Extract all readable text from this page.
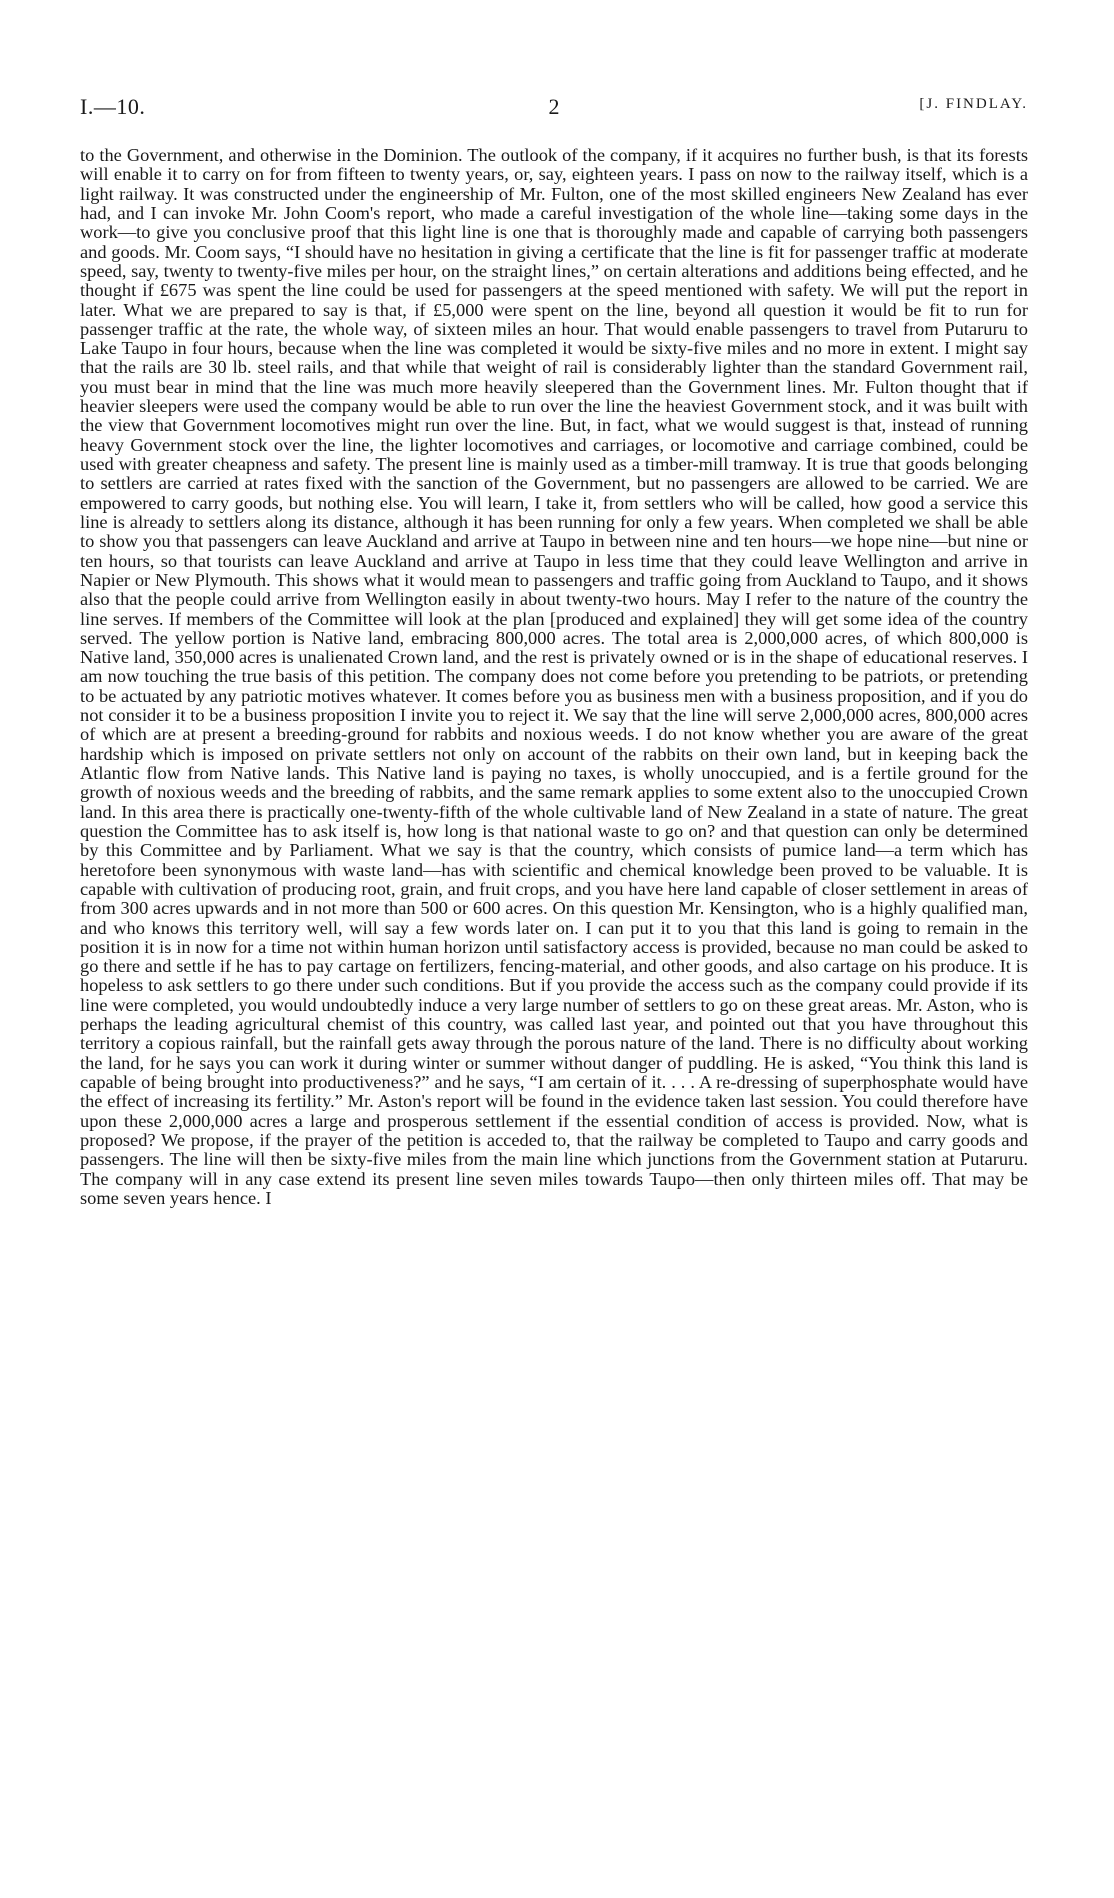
I.—10.	2	[J. FINDLAY.

to the Government, and otherwise in the Dominion. The outlook of the company, if it acquires no further bush, is that its forests will enable it to carry on for from fifteen to twenty years, or, say, eighteen years. I pass on now to the railway itself, which is a light railway. It was constructed under the engineership of Mr. Fulton, one of the most skilled engineers New Zealand has ever had, and I can invoke Mr. John Coom's report, who made a careful investigation of the whole line—taking some days in the work—to give you conclusive proof that this light line is one that is thoroughly made and capable of carrying both passengers and goods. Mr. Coom says, “I should have no hesitation in giving a certificate that the line is fit for passenger traffic at moderate speed, say, twenty to twenty-five miles per hour, on the straight lines,” on certain alterations and additions being effected, and he thought if £675 was spent the line could be used for passengers at the speed mentioned with safety. We will put the report in later. What we are prepared to say is that, if £5,000 were spent on the line, beyond all question it would be fit to run for passenger traffic at the rate, the whole way, of sixteen miles an hour. That would enable passengers to travel from Putaruru to Lake Taupo in four hours, because when the line was completed it would be sixty-five miles and no more in extent. I might say that the rails are 30 lb. steel rails, and that while that weight of rail is considerably lighter than the standard Government rail, you must bear in mind that the line was much more heavily sleepered than the Government lines. Mr. Fulton thought that if heavier sleepers were used the company would be able to run over the line the heaviest Government stock, and it was built with the view that Government locomotives might run over the line. But, in fact, what we would suggest is that, instead of running heavy Government stock over the line, the lighter locomotives and carriages, or locomotive and carriage combined, could be used with greater cheapness and safety. The present line is mainly used as a timber-mill tramway. It is true that goods belonging to settlers are carried at rates fixed with the sanction of the Government, but no passengers are allowed to be carried. We are empowered to carry goods, but nothing else. You will learn, I take it, from settlers who will be called, how good a service this line is already to settlers along its distance, although it has been running for only a few years. When completed we shall be able to show you that passengers can leave Auckland and arrive at Taupo in between nine and ten hours—we hope nine—but nine or ten hours, so that tourists can leave Auckland and arrive at Taupo in less time that they could leave Wellington and arrive in Napier or New Plymouth. This shows what it would mean to passengers and traffic going from Auckland to Taupo, and it shows also that the people could arrive from Wellington easily in about twenty-two hours. May I refer to the nature of the country the line serves. If members of the Committee will look at the plan [produced and explained] they will get some idea of the country served. The yellow portion is Native land, embracing 800,000 acres. The total area is 2,000,000 acres, of which 800,000 is Native land, 350,000 acres is unalienated Crown land, and the rest is privately owned or is in the shape of educational reserves. I am now touching the true basis of this petition. The company does not come before you pretending to be patriots, or pretending to be actuated by any patriotic motives whatever. It comes before you as business men with a business proposition, and if you do not consider it to be a business proposition I invite you to reject it. We say that the line will serve 2,000,000 acres, 800,000 acres of which are at present a breeding-ground for rabbits and noxious weeds. I do not know whether you are aware of the great hardship which is imposed on private settlers not only on account of the rabbits on their own land, but in keeping back the Atlantic flow from Native lands. This Native land is paying no taxes, is wholly unoccupied, and is a fertile ground for the growth of noxious weeds and the breeding of rabbits, and the same remark applies to some extent also to the unoccupied Crown land. In this area there is practically one-twenty-fifth of the whole cultivable land of New Zealand in a state of nature. The great question the Committee has to ask itself is, how long is that national waste to go on? and that question can only be determined by this Committee and by Parliament. What we say is that the country, which consists of pumice land—a term which has heretofore been synonymous with waste land—has with scientific and chemical knowledge been proved to be valuable. It is capable with cultivation of producing root, grain, and fruit crops, and you have here land capable of closer settlement in areas of from 300 acres upwards and in not more than 500 or 600 acres. On this question Mr. Kensington, who is a highly qualified man, and who knows this territory well, will say a few words later on. I can put it to you that this land is going to remain in the position it is in now for a time not within human horizon until satisfactory access is provided, because no man could be asked to go there and settle if he has to pay cartage on fertilizers, fencing-material, and other goods, and also cartage on his produce. It is hopeless to ask settlers to go there under such conditions. But if you provide the access such as the company could provide if its line were completed, you would undoubtedly induce a very large number of settlers to go on these great areas. Mr. Aston, who is perhaps the leading agricultural chemist of this country, was called last year, and pointed out that you have throughout this territory a copious rainfall, but the rainfall gets away through the porous nature of the land. There is no difficulty about working the land, for he says you can work it during winter or summer without danger of puddling. He is asked, “You think this land is capable of being brought into productiveness?” and he says, “I am certain of it. . . . A re-dressing of superphosphate would have the effect of increasing its fertility.” Mr. Aston's report will be found in the evidence taken last session. You could therefore have upon these 2,000,000 acres a large and prosperous settlement if the essential condition of access is provided. Now, what is proposed? We propose, if the prayer of the petition is acceded to, that the railway be completed to Taupo and carry goods and passengers. The line will then be sixty-five miles from the main line which junctions from the Government station at Putaruru. The company will in any case extend its present line seven miles towards Taupo—then only thirteen miles off. That may be some seven years hence. I
